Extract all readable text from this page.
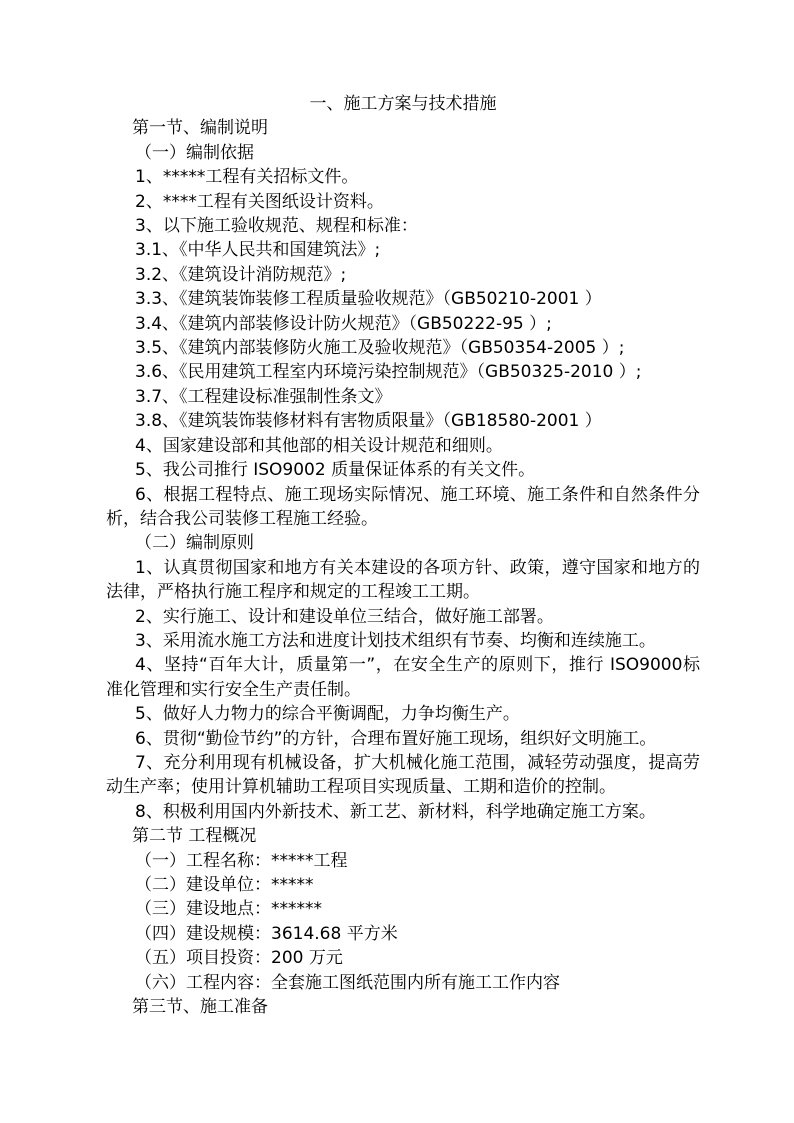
一、施工方案与技术措施

第一节、编制说明

（一）编制依据

1、*****工程有关招标文件。

2、****工程有关图纸设计资料。

3、以下施工验收规范、规程和标准：

3.1、《中华人民共和国建筑法》;

3.2、《建筑设计消防规范》;

3.3、《建筑装饰装修工程质量验收规范》（GB50210-2001 ）

3.4、《建筑内部装修设计防火规范》（GB50222-95 ）;

3.5、《建筑内部装修防火施工及验收规范》（GB50354-2005 ）;

3.6、《民用建筑工程室内环境污染控制规范》（GB50325-2010 ）;

3.7、《工程建设标准强制性条文》

3.8、《建筑装饰装修材料有害物质限量》（GB18580-2001 ）

4、国家建设部和其他部的相关设计规范和细则。

5、我公司推行 ISO9002 质量保证体系的有关文件。

6、根据工程特点、施工现场实际情况、施工环境、施工条件和自然条件分析，结合我公司装修工程施工经验。

（二）编制原则

1、认真贯彻国家和地方有关本建设的各项方针、政策，遵守国家和地方的法律，严格执行施工程序和规定的工程竣工工期。

2、实行施工、设计和建设单位三结合，做好施工部署。

3、采用流水施工方法和进度计划技术组织有节奏、均衡和连续施工。

4、坚持“百年大计，质量第一”，在安全生产的原则下，推行 ISO9000标准化管理和实行安全生产责任制。

5、做好人力物力的综合平衡调配，力争均衡生产。

6、贯彻“勤俭节约”的方针，合理布置好施工现场，组织好文明施工。

7、充分利用现有机械设备，扩大机械化施工范围，减轻劳动强度，提高劳动生产率；使用计算机辅助工程项目实现质量、工期和造价的控制。

8、积极利用国内外新技术、新工艺、新材料，科学地确定施工方案。

第二节 工程概况

（一）工程名称：*****工程

（二）建设单位：*****

（三）建设地点：******

（四）建设规模：3614.68 平方米

（五）项目投资：200 万元

（六）工程内容：全套施工图纸范围内所有施工工作内容

第三节、施工准备
